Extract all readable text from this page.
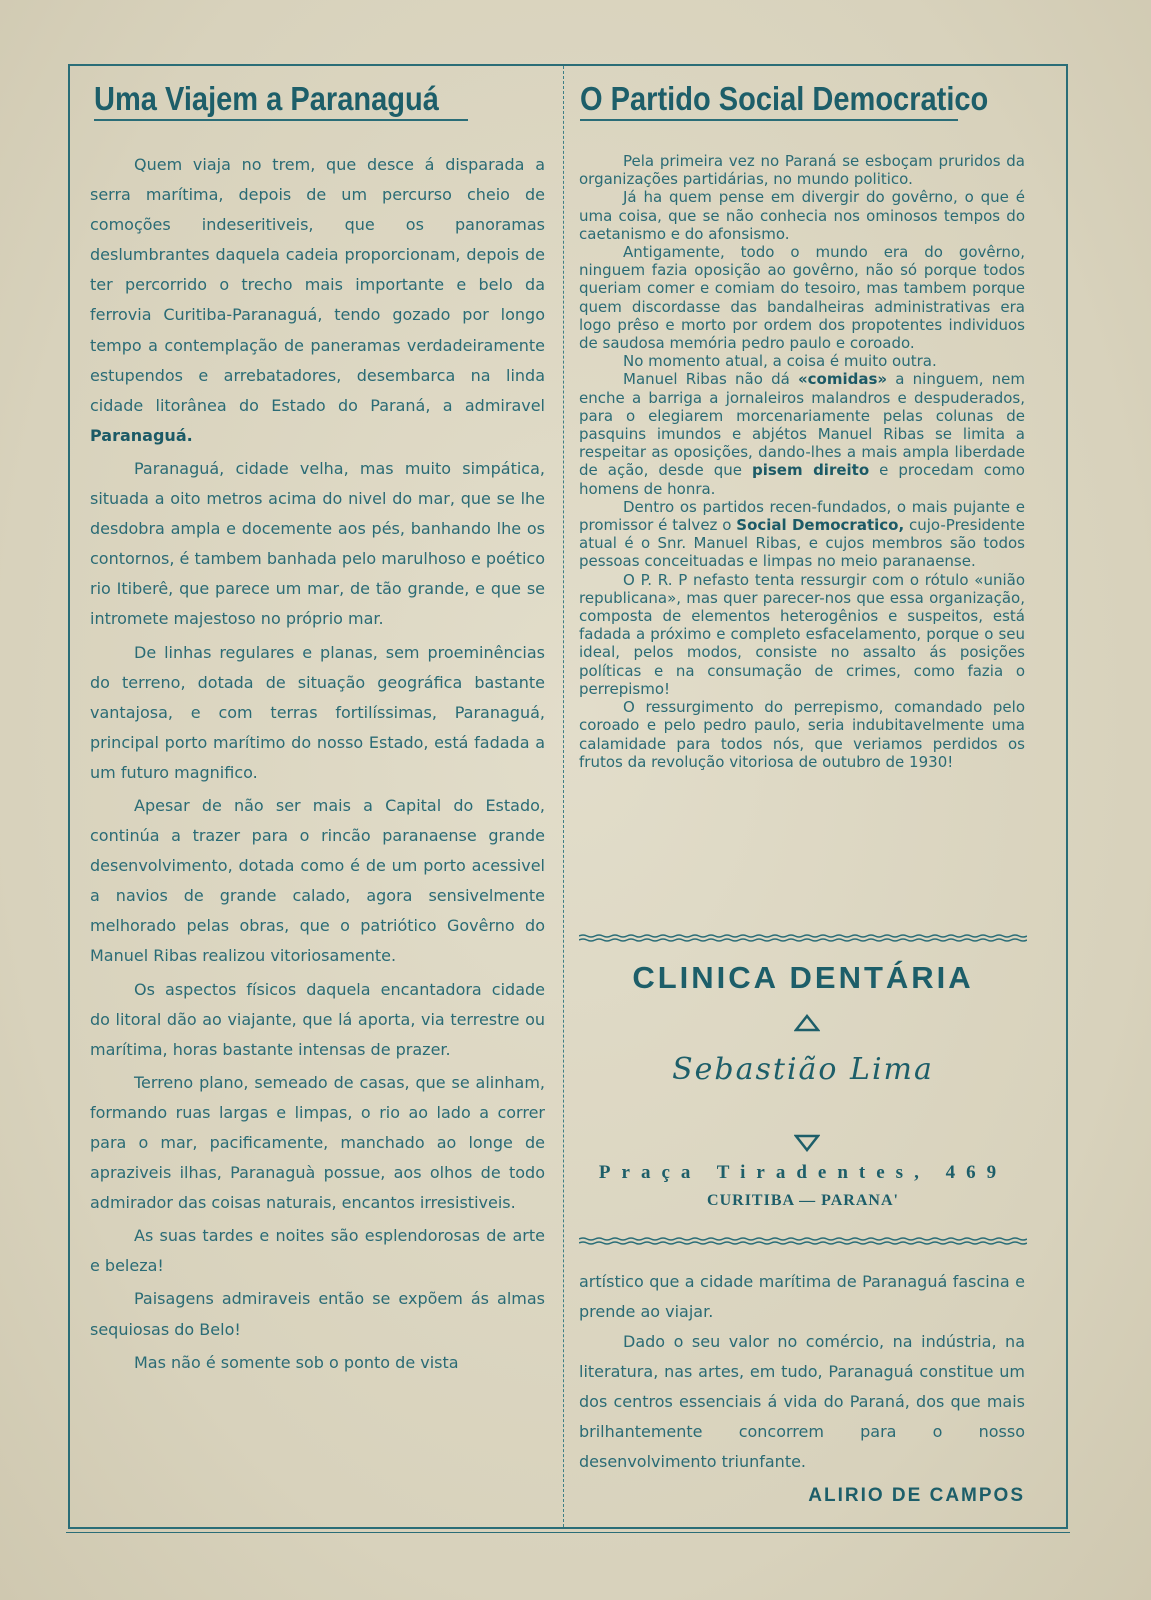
Uma Viajem a Paranaguá

Quem viaja no trem, que desce á disparada a serra marítima, depois de um percurso cheio de comoções indeseritiveis, que os panoramas deslumbrantes daquela cadeia proporcionam, depois de ter percorrido o trecho mais importante e belo da ferrovia Curitiba-Paranaguá, tendo gozado por longo tempo a contemplação de paneramas verdadeiramente estupendos e arrebatadores, desembarca na linda cidade litorânea do Estado do Paraná, a admiravel Paranaguá.

Paranaguá, cidade velha, mas muito simpática, situada a oito metros acima do nivel do mar, que se lhe desdobra ampla e docemente aos pés, banhando lhe os contornos, é tambem banhada pelo marulhoso e poético rio Itiberê, que parece um mar, de tão grande, e que se intromete majestoso no próprio mar.

De linhas regulares e planas, sem proeminências do terreno, dotada de situação geográfica bastante vantajosa, e com terras fortilíssimas, Paranaguá, principal porto marítimo do nosso Estado, está fadada a um futuro magnifico.

Apesar de não ser mais a Capital do Estado, continúa a trazer para o rincão paranaense grande desenvolvimento, dotada como é de um porto acessivel a navios de grande calado, agora sensivelmente melhorado pelas obras, que o patriótico Govêrno do Manuel Ribas realizou vitoriosamente.

Os aspectos físicos daquela encantadora cidade do litoral dão ao viajante, que lá aporta, via terrestre ou marítima, horas bastante intensas de prazer.

Terreno plano, semeado de casas, que se alinham, formando ruas largas e limpas, o rio ao lado a correr para o mar, pacificamente, manchado ao longe de apraziveis ilhas, Paranaguà possue, aos olhos de todo admirador das coisas naturais, encantos irresistiveis.

As suas tardes e noites são esplendorosas de arte e beleza!

Paisagens admiraveis então se expõem ás almas sequiosas do Belo!

Mas não é somente sob o ponto de vista

O Partido Social Democratico

Pela primeira vez no Paraná se esboçam pruridos da organizações partidárias, no mundo politico.

Já ha quem pense em divergir do govêrno, o que é uma coisa, que se não conhecia nos ominosos tempos do caetanismo e do afonsismo.

Antigamente, todo o mundo era do govêrno, ninguem fazia oposição ao govêrno, não só porque todos queriam comer e comiam do tesoiro, mas tambem porque quem discordasse das bandalheiras administrativas era logo prêso e morto por ordem dos propotentes individuos de saudosa memória pedro paulo e coroado.

No momento atual, a coisa é muito outra.

Manuel Ribas não dá «comidas» a ninguem, nem enche a barriga a jornaleiros malandros e despuderados, para o elegiarem morcenariamente pelas colunas de pasquins imundos e abjétos Manuel Ribas se limita a respeitar as oposições, dando-lhes a mais ampla liberdade de ação, desde que pisem direito e procedam como homens de honra.

Dentro os partidos recen-fundados, o mais pujante e promissor é talvez o Social Democratico, cujo-Presidente atual é o Snr. Manuel Ribas, e cujos membros são todos pessoas conceituadas e limpas no meio paranaense.

O P. R. P nefasto tenta ressurgir com o rótulo «união republicana», mas quer parecer-nos que essa organização, composta de elementos heterogênios e suspeitos, está fadada a próximo e completo esfacelamento, porque o seu ideal, pelos modos, consiste no assalto ás posições políticas e na consumação de crimes, como fazia o perrepismo!

O ressurgimento do perrepismo, comandado pelo coroado e pelo pedro paulo, seria indubitavelmente uma calamidade para todos nós, que veriamos perdidos os frutos da revolução vitoriosa de outubro de 1930!

CLINICA DENTÁRIA
Sebastião Lima
Praça Tiradentes, 469
CURITIBA — PARANA'

artístico que a cidade marítima de Paranaguá fascina e prende ao viajar.

Dado o seu valor no comércio, na indústria, na literatura, nas artes, em tudo, Paranaguá constitue um dos centros essenciais á vida do Paraná, dos que mais brilhantemente concorrem para o nosso desenvolvimento triunfante.

ALIRIO DE CAMPOS
